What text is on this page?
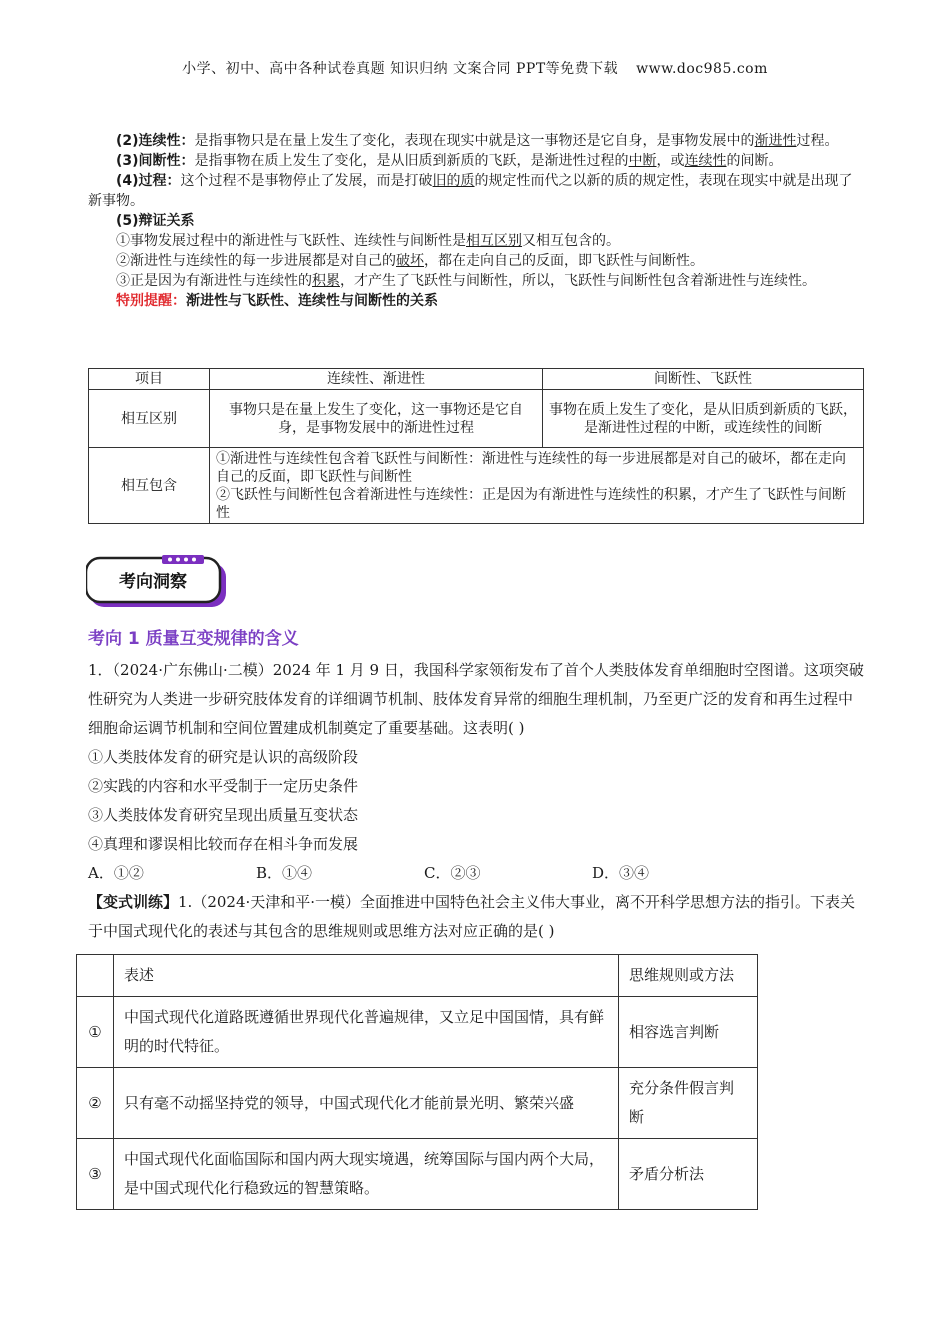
小学、初中、高中各种试卷真题 知识归纳 文案合同 PPT等免费下载 www.doc985.com

(2)连续性：是指事物只是在量上发生了变化，表现在现实中就是这一事物还是它自身，是事物发展中的渐进性过程。

(3)间断性：是指事物在质上发生了变化，是从旧质到新质的飞跃，是渐进性过程的中断，或连续性的间断。

(4)过程：这个过程不是事物停止了发展，而是打破旧的质的规定性而代之以新的质的规定性，表现在现实中就是出现了新事物。

(5)辩证关系

①事物发展过程中的渐进性与飞跃性、连续性与间断性是相互区别又相互包含的。

②渐进性与连续性的每一步进展都是对自己的破坏，都在走向自己的反面，即飞跃性与间断性。

③正是因为有渐进性与连续性的积累，才产生了飞跃性与间断性，所以，飞跃性与间断性包含着渐进性与连续性。

特别提醒：渐进性与飞跃性、连续性与间断性的关系

项目	连续性、渐进性	间断性、飞跃性
相互区别	事物只是在量上发生了变化，这一事物还是它自身，是事物发展中的渐进性过程	事物在质上发生了变化，是从旧质到新质的飞跃，是渐进性过程的中断，或连续性的间断
相互包含	①渐进性与连续性包含着飞跃性与间断性：渐进性与连续性的每一步进展都是对自己的破坏，都在走向自己的反面，即飞跃性与间断性
②飞跃性与间断性包含着渐进性与连续性：正是因为有渐进性与连续性的积累，才产生了飞跃性与间断性	
考向洞察
考向 1 质量互变规律的含义

1．（2024·广东佛山·二模）2024 年 1 月 9 日，我国科学家领衔发布了首个人类肢体发育单细胞时空图谱。这项突破性研究为人类进一步研究肢体发育的详细调节机制、肢体发育异常的细胞生理机制，乃至更广泛的发育和再生过程中细胞命运调节机制和空间位置建成机制奠定了重要基础。这表明( )

①人类肢体发育的研究是认识的高级阶段

②实践的内容和水平受制于一定历史条件

③人类肢体发育研究呈现出质量互变状态

④真理和谬误相比较而存在相斗争而发展

A．①②	B．①④	C．②③	D．③④

【变式训练】1.（2024·天津和平·一模）全面推进中国特色社会主义伟大事业，离不开科学思想方法的指引。下表关于中国式现代化的表述与其包含的思维规则或思维方法对应正确的是( )

	表述	思维规则或方法
①	中国式现代化道路既遵循世界现代化普遍规律，又立足中国国情，具有鲜明的时代特征。	相容选言判断
②	只有毫不动摇坚持党的领导，中国式现代化才能前景光明、繁荣兴盛	充分条件假言判断
③	中国式现代化面临国际和国内两大现实境遇，统筹国际与国内两个大局，是中国式现代化行稳致远的智慧策略。	矛盾分析法
